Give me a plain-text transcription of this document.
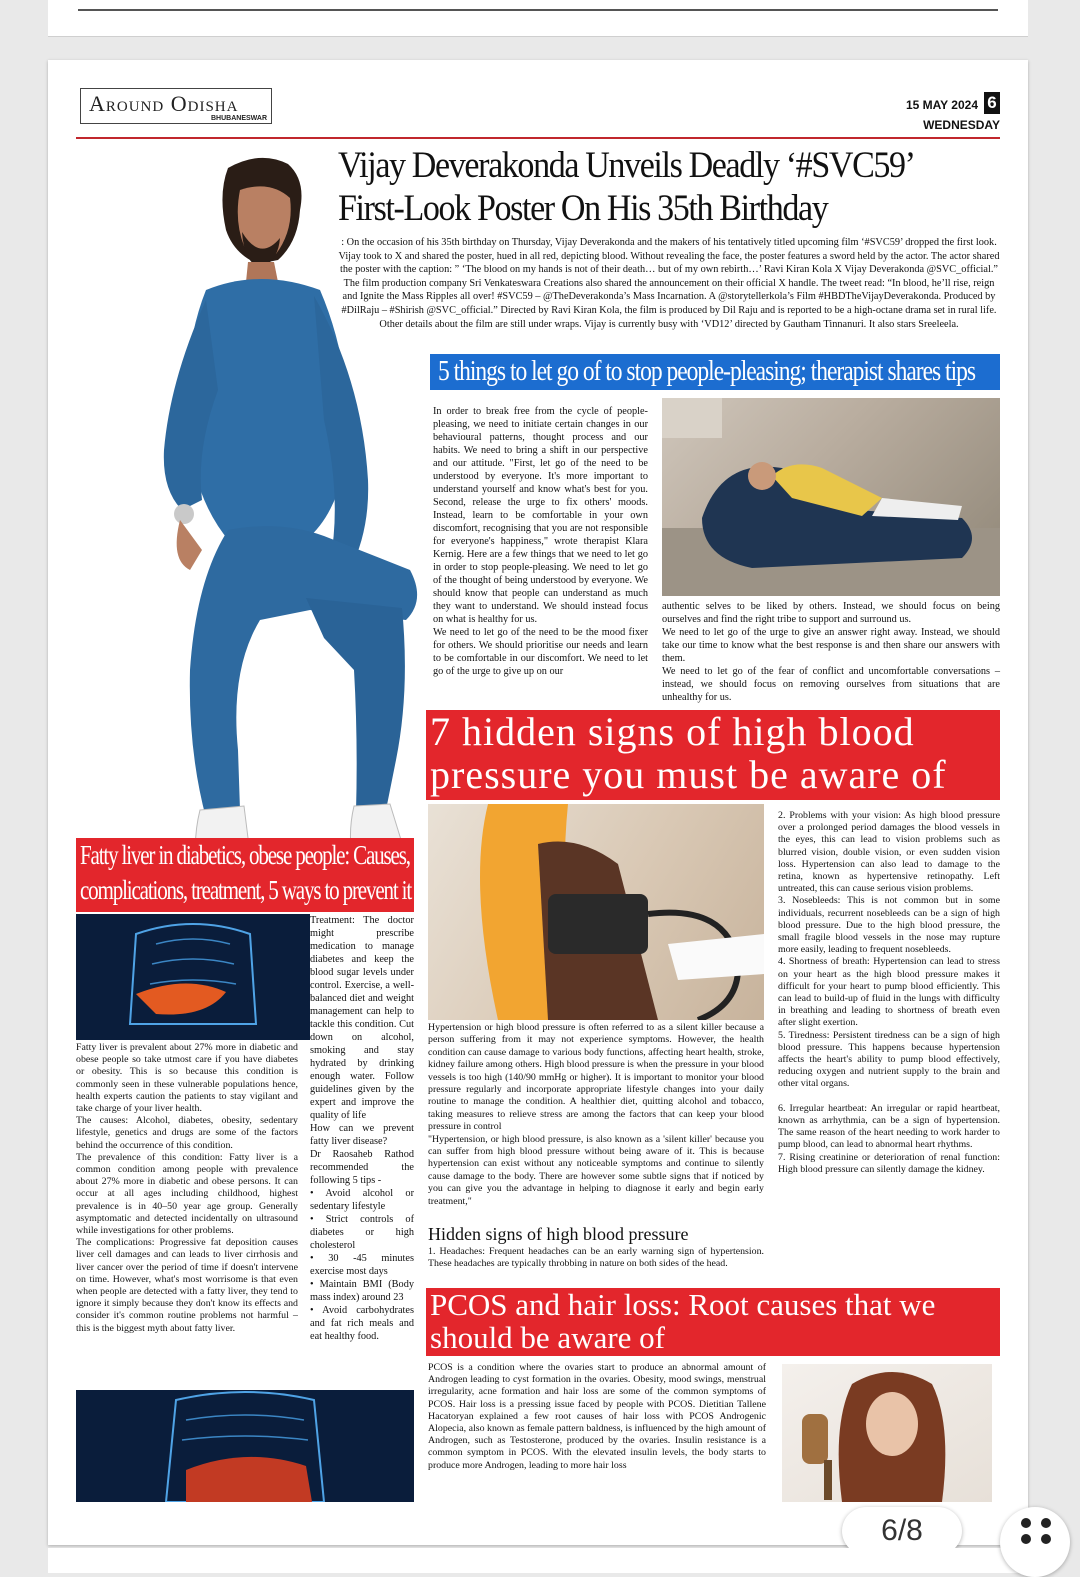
Around Odisha
BHUBANESWAR
15 MAY 2024 6
WEDNESDAY
Vijay Deverakonda Unveils Deadly ‘#SVC59’ First-Look Poster On His 35th Birthday
: On the occasion of his 35th birthday on Thursday, Vijay Deverakonda and the makers of his tentatively titled upcoming film ‘#SVC59’ dropped the first look. Vijay took to X and shared the poster, hued in all red, depicting blood. Without revealing the face, the poster features a sword held by the actor. The actor shared the poster with the caption: ” ‘The blood on my hands is not of their death… but of my own rebirth…’ Ravi Kiran Kola X Vijay Deverakonda @SVC_official.” The film production company Sri Venkateswara Creations also shared the announcement on their official X handle. The tweet read: “In blood, he’ll rise, reign and Ignite the Mass Ripples all over! #SVC59 – @TheDeverakonda’s Mass Incarnation. A @storytellerkola’s Film #HBDTheVijayDeverakonda. Produced by #DilRaju – #Shirish @SVC_official.” Directed by Ravi Kiran Kola, the film is produced by Dil Raju and is reported to be a high-octane drama set in rural life. Other details about the film are still under wraps. Vijay is currently busy with ‘VD12’ directed by Gautham Tinnanuri. It also stars Sreeleela.
5 things to let go of to stop people-pleasing; therapist shares tips
In order to break free from the cycle of people-pleasing, we need to initiate certain changes in our behavioural patterns, thought process and our habits. We need to bring a shift in our perspective and our attitude. "First, let go of the need to be understood by everyone. It's more important to understand yourself and know what's best for you. Second, release the urge to fix others' moods. Instead, learn to be comfortable in your own discomfort, recognising that you are not responsible for everyone's happiness," wrote therapist Klara Kernig. Here are a few things that we need to let go in order to stop people-pleasing. We need to let go of the thought of being understood by everyone. We should know that people can understand as much they want to understand. We should instead focus on what is healthy for us.
We need to let go of the need to be the mood fixer for others. We should prioritise our needs and learn to be comfortable in our discomfort. We need to let go of the urge to give up on our
authentic selves to be liked by others. Instead, we should focus on being ourselves and find the right tribe to support and surround us.
We need to let go of the urge to give an answer right away. Instead, we should take our time to know what the best response is and then share our answers with them.
We need to let go of the fear of conflict and uncomfortable conversations – instead, we should focus on removing ourselves from situations that are unhealthy for us.
7 hidden signs of high blood pressure you must be aware of
Hypertension or high blood pressure is often referred to as a silent killer because a person suffering from it may not experience symptoms. However, the health condition can cause damage to various body functions, affecting heart health, stroke, kidney failure among others. High blood pressure is when the pressure in your blood vessels is too high (140/90 mmHg or higher). It is important to monitor your blood pressure regularly and incorporate appropriate lifestyle changes into your daily routine to manage the condition. A healthier diet, quitting alcohol and tobacco, taking measures to relieve stress are among the factors that can keep your blood pressure in control
"Hypertension, or high blood pressure, is also known as a 'silent killer' because you can suffer from high blood pressure without being aware of it. This is because hypertension can exist without any noticeable symptoms and continue to silently cause damage to the body. There are however some subtle signs that if noticed by you can give you the advantage in helping to diagnose it early and begin early treatment,"
Hidden signs of high blood pressure
1. Headaches: Frequent headaches can be an early warning sign of hypertension. These headaches are typically throbbing in nature on both sides of the head.
2. Problems with your vision: As high blood pressure over a prolonged period damages the blood vessels in the eyes, this can lead to vision problems such as blurred vision, double vision, or even sudden vision loss. Hypertension can also lead to damage to the retina, known as hypertensive retinopathy. Left untreated, this can cause serious vision problems.
3. Nosebleeds: This is not common but in some individuals, recurrent nosebleeds can be a sign of high blood pressure. Due to the high blood pressure, the small fragile blood vessels in the nose may rupture more easily, leading to frequent nosebleeds.
4. Shortness of breath: Hypertension can lead to stress on your heart as the high blood pressure makes it difficult for your heart to pump blood efficiently. This can lead to build-up of fluid in the lungs with difficulty in breathing and leading to shortness of breath even after slight exertion.
5. Tiredness: Persistent tiredness can be a sign of high blood pressure. This happens because hypertension affects the heart's ability to pump blood effectively, reducing oxygen and nutrient supply to the brain and other vital organs.

6. Irregular heartbeat: An irregular or rapid heartbeat, known as arrhythmia, can be a sign of hypertension. The same reason of the heart needing to work harder to pump blood, can lead to abnormal heart rhythms.
7. Rising creatinine or deterioration of renal function: High blood pressure can silently damage the kidney.
Fatty liver in diabetics, obese people: Causes,
complications, treatment, 5 ways to prevent it
Treatment: The doctor might prescribe medication to manage diabetes and keep the blood sugar levels under control. Exercise, a well-balanced diet and weight management can help to tackle this condition. Cut down on alcohol, smoking and stay hydrated by drinking enough water. Follow guidelines given by the expert and improve the quality of life
How can we prevent fatty liver disease?
Dr Raosaheb Rathod recommended the following 5 tips -
• Avoid alcohol or sedentary lifestyle
• Strict controls of diabetes or high cholesterol
• 30 -45 minutes exercise most days
• Maintain BMI (Body mass index) around 23
• Avoid carbohydrates and fat rich meals and eat healthy food.
Fatty liver is prevalent about 27% more in diabetic and obese people so take utmost care if you have diabetes or obesity. This is so because this condition is commonly seen in these vulnerable populations hence, health experts caution the patients to stay vigilant and take charge of your liver health.
The causes: Alcohol, diabetes, obesity, sedentary lifestyle, genetics and drugs are some of the factors behind the occurrence of this condition.
The prevalence of this condition: Fatty liver is a common condition among people with prevalence about 27% more in diabetic and obese persons. It can occur at all ages including childhood, highest prevalence is in 40–50 year age group. Generally asymptomatic and detected incidentally on ultrasound while investigations for other problems.
The complications: Progressive fat deposition causes liver cell damages and can leads to liver cirrhosis and liver cancer over the period of time if doesn't intervene on time. However, what's most worrisome is that even when people are detected with a fatty liver, they tend to ignore it simply because they don't know its effects and consider it's common routine problems not harmful – this is the biggest myth about fatty liver.
PCOS and hair loss: Root causes that we should be aware of
PCOS is a condition where the ovaries start to produce an abnormal amount of Androgen leading to cyst formation in the ovaries. Obesity, mood swings, menstrual irregularity, acne formation and hair loss are some of the common symptoms of PCOS. Hair loss is a pressing issue faced by people with PCOS. Dietitian Tallene Hacatoryan explained a few root causes of hair loss with PCOS Androgenic Alopecia, also known as female pattern baldness, is influenced by the high amount of Androgen, such as Testosterone, produced by the ovaries. Insulin resistance is a common symptom in PCOS. With the elevated insulin levels, the body starts to produce more Androgen, leading to more hair loss
6/8
